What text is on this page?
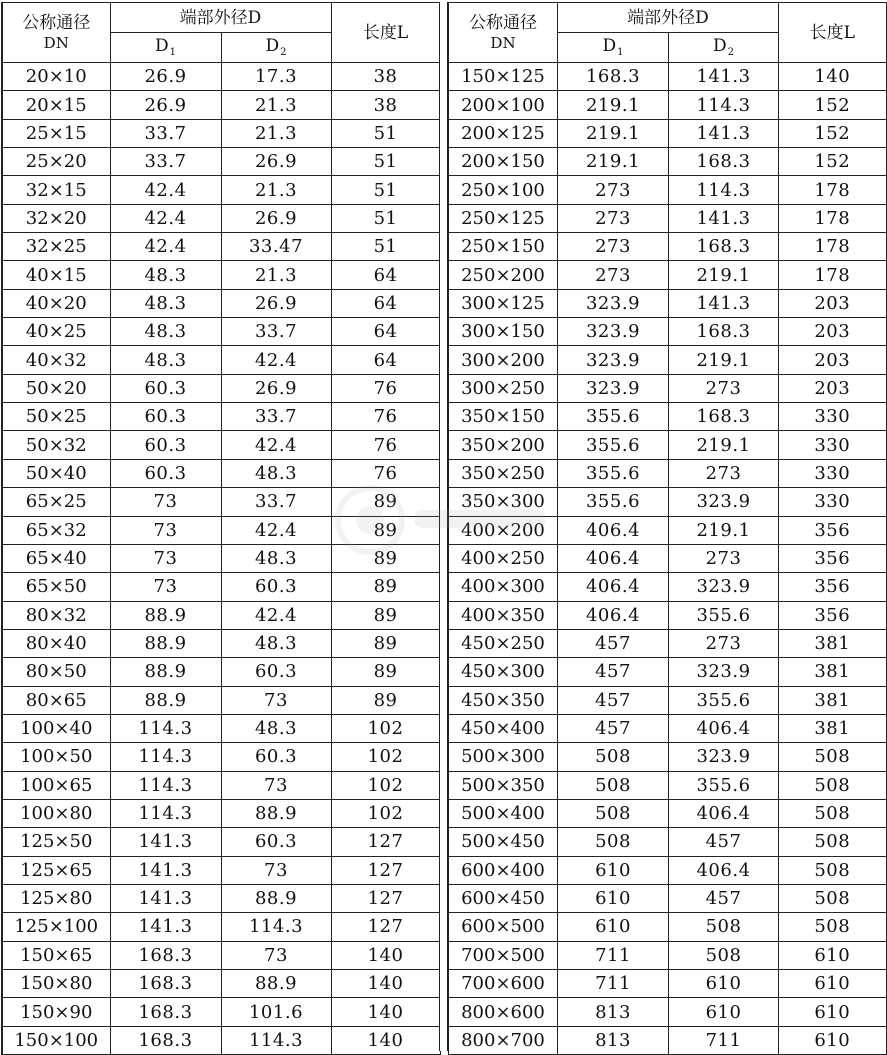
公称通径
DN	端部外径D		长度L
	$D_1$	$D_2$
20×10	26.9	17.3	38
20×15	26.9	21.3	38
25×15	33.7	21.3	51
25×20	33.7	26.9	51
32×15	42.4	21.3	51
32×20	42.4	26.9	51
32×25	42.4	33.47	51
40×15	48.3	21.3	64
40×20	48.3	26.9	64
40×25	48.3	33.7	64
40×32	48.3	42.4	64
50×20	60.3	26.9	76
50×25	60.3	33.7	76
50×32	60.3	42.4	76
50×40	60.3	48.3	76
65×25	73	33.7	89
65×32	73	42.4	89
65×40	73	48.3	89
65×50	73	60.3	89
80×32	88.9	42.4	89
80×40	88.9	48.3	89
80×50	88.9	60.3	89
80×65	88.9	73	89
100×40	114.3	48.3	102
100×50	114.3	60.3	102
100×65	114.3	73	102
100×80	114.3	88.9	102
125×50	141.3	60.3	127
125×65	141.3	73	127
125×80	141.3	88.9	127
125×100	141.3	114.3	127
150×65	168.3	73	140
150×80	168.3	88.9	140
150×90	168.3	101.6	140
150×100	168.3	114.3	140
公称通径
DN	端部外径D		长度L
	$D_1$	$D_2$
150×125	168.3	141.3	140
200×100	219.1	114.3	152
200×125	219.1	141.3	152
200×150	219.1	168.3	152
250×100	273	114.3	178
250×125	273	141.3	178
250×150	273	168.3	178
250×200	273	219.1	178
300×125	323.9	141.3	203
300×150	323.9	168.3	203
300×200	323.9	219.1	203
300×250	323.9	273	203
350×150	355.6	168.3	330
350×200	355.6	219.1	330
350×250	355.6	273	330
350×300	355.6	323.9	330
400×200	406.4	219.1	356
400×250	406.4	273	356
400×300	406.4	323.9	356
400×350	406.4	355.6	356
450×250	457	273	381
450×300	457	323.9	381
450×350	457	355.6	381
450×400	457	406.4	381
500×300	508	323.9	508
500×350	508	355.6	508
500×400	508	406.4	508
500×450	508	457	508
600×400	610	406.4	508
600×450	610	457	508
600×500	610	508	508
700×500	711	508	610
700×600	711	610	610
800×600	813	610	610
800×700	813	711	610
